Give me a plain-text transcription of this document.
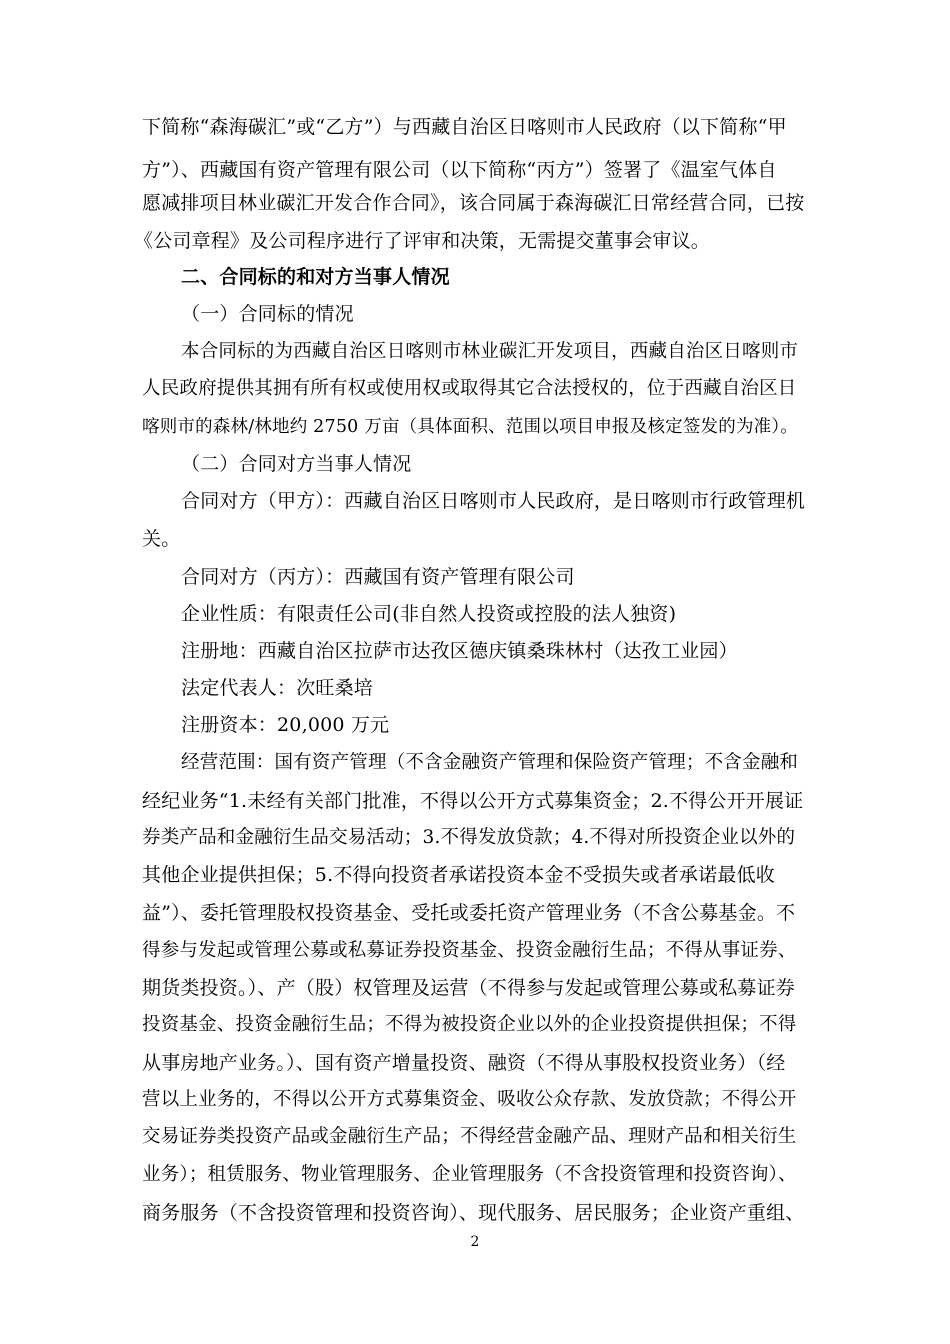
下简称“森海碳汇”或“乙方”）与西藏自治区日喀则市人民政府（以下简称“甲
方”）、西藏国有资产管理有限公司（以下简称“丙方”）签署了《温室气体自
愿减排项目林业碳汇开发合作合同》，该合同属于森海碳汇日常经营合同，已按
《公司章程》及公司程序进行了评审和决策，无需提交董事会审议。
二、合同标的和对方当事人情况
（一）合同标的情况
本合同标的为西藏自治区日喀则市林业碳汇开发项目，西藏自治区日喀则市
人民政府提供其拥有所有权或使用权或取得其它合法授权的，位于西藏自治区日
喀则市的森林/林地约 2750 万亩（具体面积、范围以项目申报及核定签发的为准）。
（二）合同对方当事人情况
合同对方（甲方）：西藏自治区日喀则市人民政府，是日喀则市行政管理机
关。
合同对方（丙方）：西藏国有资产管理有限公司
企业性质：有限责任公司(非自然人投资或控股的法人独资)
注册地：西藏自治区拉萨市达孜区德庆镇桑珠林村（达孜工业园）
法定代表人：次旺桑培
注册资本：20,000 万元
经营范围：国有资产管理（不含金融资产管理和保险资产管理；不含金融和
经纪业务“1.未经有关部门批准，不得以公开方式募集资金；2.不得公开开展证
券类产品和金融衍生品交易活动；3.不得发放贷款；4.不得对所投资企业以外的
其他企业提供担保；5.不得向投资者承诺投资本金不受损失或者承诺最低收
益”）、委托管理股权投资基金、受托或委托资产管理业务（不含公募基金。不
得参与发起或管理公募或私募证券投资基金、投资金融衍生品；不得从事证券、
期货类投资。）、产（股）权管理及运营（不得参与发起或管理公募或私募证券
投资基金、投资金融衍生品；不得为被投资企业以外的企业投资提供担保；不得
从事房地产业务。）、国有资产增量投资、融资（不得从事股权投资业务）（经
营以上业务的，不得以公开方式募集资金、吸收公众存款、发放贷款；不得公开
交易证券类投资产品或金融衍生产品；不得经营金融产品、理财产品和相关衍生
业务）；租赁服务、物业管理服务、企业管理服务（不含投资管理和投资咨询）、
商务服务（不含投资管理和投资咨询）、现代服务、居民服务；企业资产重组、
2
